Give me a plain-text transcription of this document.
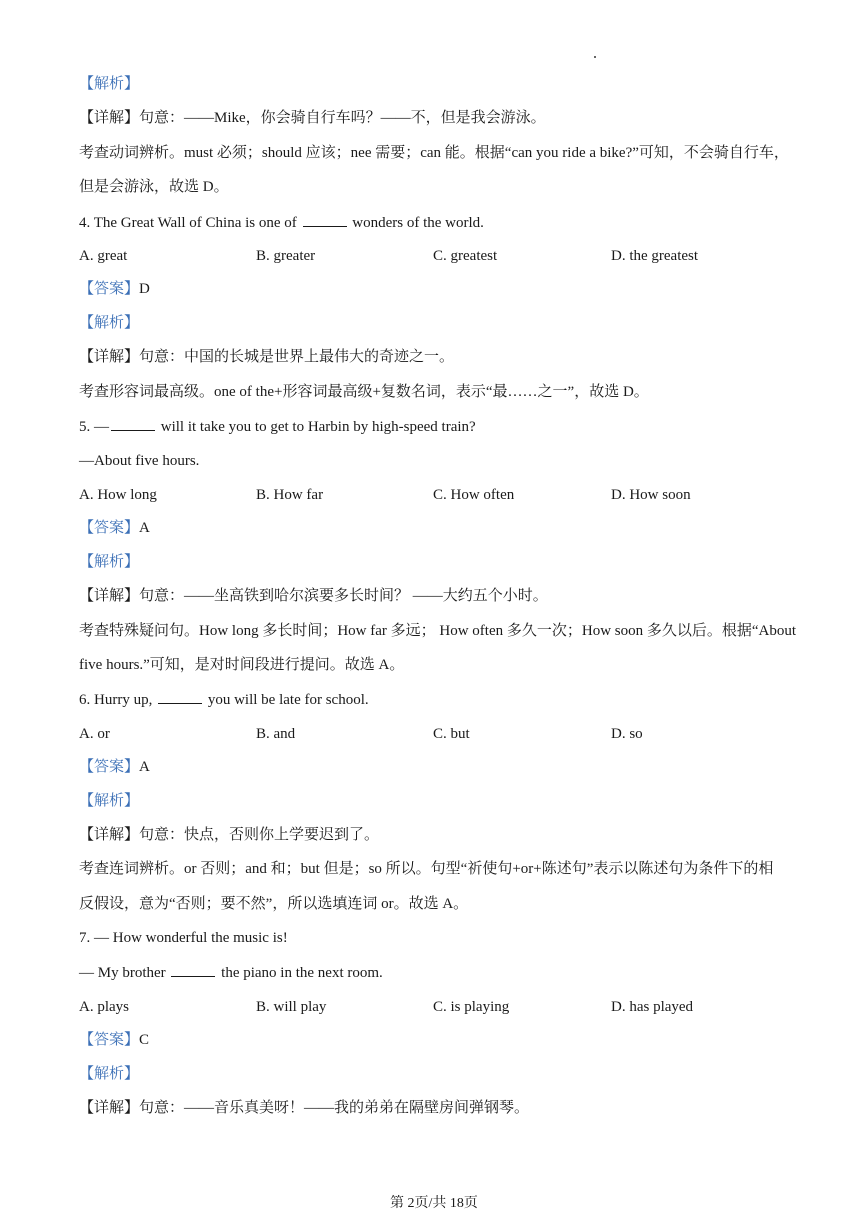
【解析】
【详解】句意：——Mike，你会骑自行车吗？——不，但是我会游泳。
考查动词辨析。must 必须；should 应该；nee 需要；can 能。根据“can you ride a bike?”可知，不会骑自行车，
但是会游泳，故选 D。
4. The Great Wall of China is one of	wonders of the world.
A. great	B. greater	C. greatest	D. the greatest
【答案】D
【解析】
【详解】句意：中国的长城是世界上最伟大的奇迹之一。
考查形容词最高级。one of the+形容词最高级+复数名词，表示“最……之一”，故选 D。
5. —	will it take you to get to Harbin by high-speed train?
—About five hours.
A. How long	B. How far	C. How often	D. How soon
【答案】A
【解析】
【详解】句意：——坐高铁到哈尔滨要多长时间？ ——大约五个小时。
考查特殊疑问句。How long 多长时间；How far 多远； How often 多久一次；How soon 多久以后。根据“About
five hours.”可知，是对时间段进行提问。故选 A。
6. Hurry up,	you will be late for school.
A. or	B. and	C. but	D. so
【答案】A
【解析】
【详解】句意：快点，否则你上学要迟到了。
考查连词辨析。or 否则；and 和；but 但是；so 所以。句型“祈使句+or+陈述句”表示以陈述句为条件下的相
反假设，意为“否则；要不然”，所以选填连词 or。故选 A。
7. — How wonderful the music is!
— My brother	the piano in the next room.
A. plays	B. will play	C. is playing	D. has played
【答案】C
【解析】
【详解】句意：——音乐真美呀！——我的弟弟在隔壁房间弹钢琴。
第 2页/共 18页
